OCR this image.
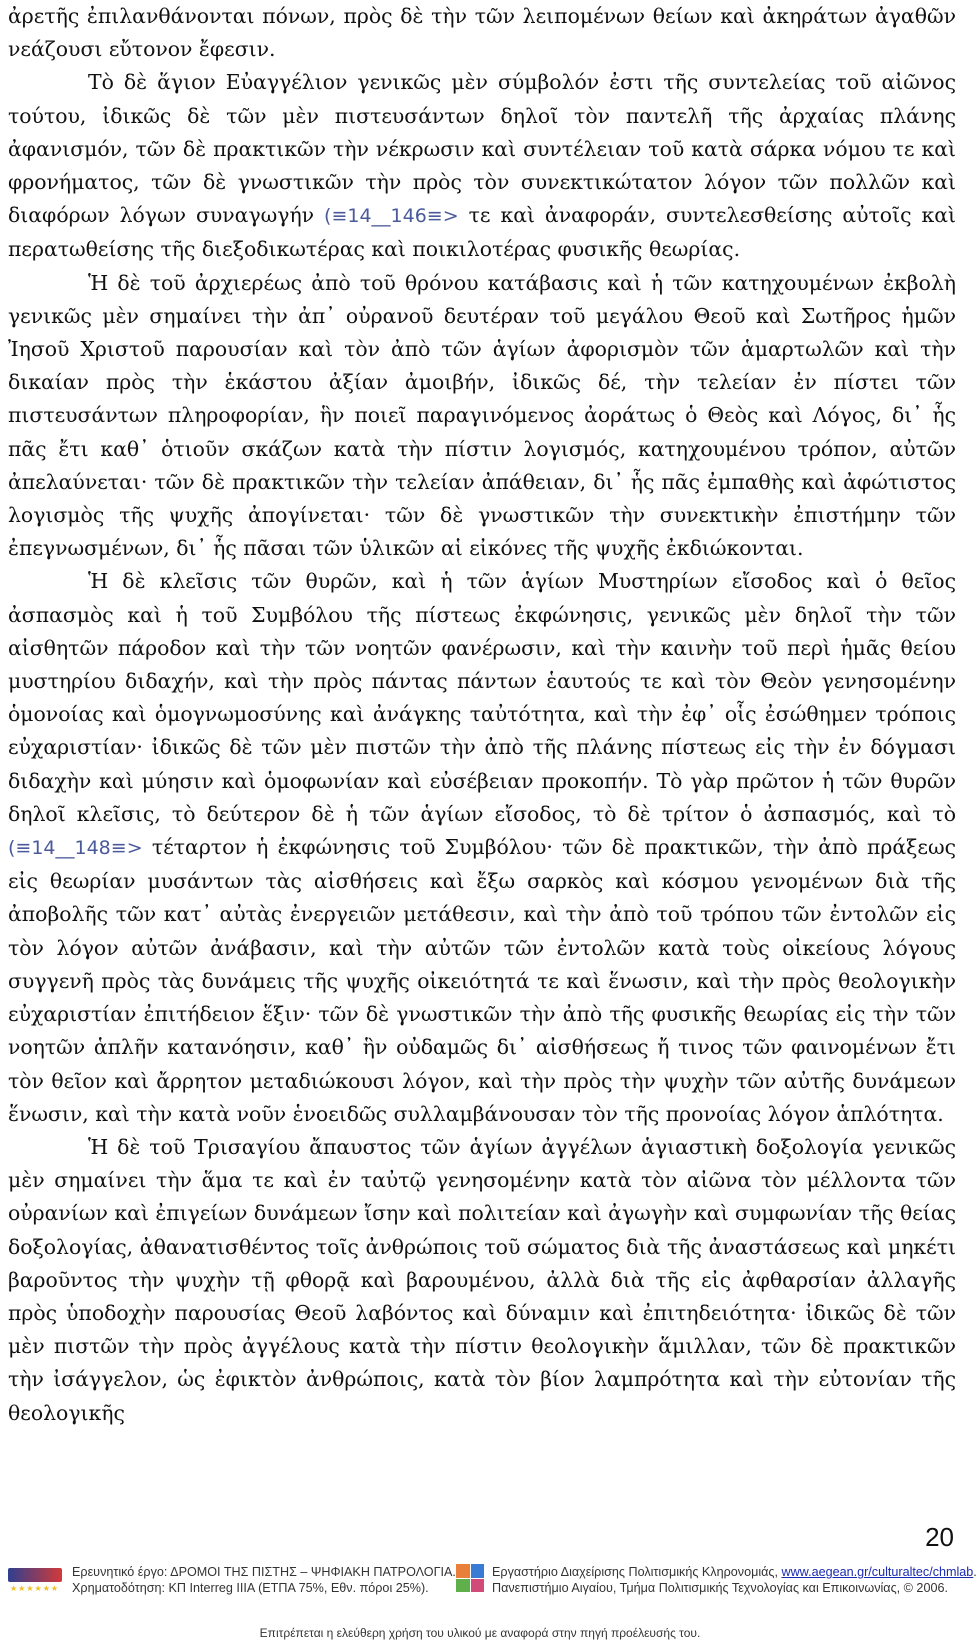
ἀρετῆς ἐπιλανθάνονται πόνων, πρὸς δὲ τὴν τῶν λειπομένων θείων καὶ ἀκηράτων ἀγαθῶν νεάζουσι εὔτονον ἔφεσιν.

Τὸ δὲ ἅγιον Εὐαγγέλιον γενικῶς μὲν σύμβολόν ἐστι τῆς συντελείας τοῦ αἰῶνος τούτου, ἰδικῶς δὲ τῶν μὲν πιστευσάντων δηλοῖ τὸν παντελῆ τῆς ἀρχαίας πλάνης ἀφανισμόν, τῶν δὲ πρακτικῶν τὴν νέκρωσιν καὶ συντέλειαν τοῦ κατὰ σάρκα νόμου τε καὶ φρονήματος, τῶν δὲ γνωστικῶν τὴν πρὸς τὸν συνεκτικώτατον λόγον τῶν πολλῶν καὶ διαφόρων λόγων συναγωγήν (≡14__146≡> τε καὶ ἀναφοράν, συντελεσθείσης αὐτοῖς καὶ περατωθείσης τῆς διεξοδικωτέρας καὶ ποικιλοτέρας φυσικῆς θεωρίας.

Ἡ δὲ τοῦ ἀρχιερέως ἀπὸ τοῦ θρόνου κατάβασις καὶ ἡ τῶν κατηχουμένων ἐκβολὴ γενικῶς μὲν σημαίνει τὴν ἀπ᾽ οὐρανοῦ δευτέραν τοῦ μεγάλου Θεοῦ καὶ Σωτῆρος ἡμῶν Ἰησοῦ Χριστοῦ παρουσίαν καὶ τὸν ἀπὸ τῶν ἁγίων ἀφορισμὸν τῶν ἁμαρτωλῶν καὶ τὴν δικαίαν πρὸς τὴν ἑκάστου ἀξίαν ἀμοιβήν, ἰδικῶς δέ, τὴν τελείαν ἐν πίστει τῶν πιστευσάντων πληροφορίαν, ἣν ποιεῖ παραγινόμενος ἀοράτως ὁ Θεὸς καὶ Λόγος, δι᾽ ἧς πᾶς ἔτι καθ᾽ ὁτιοῦν σκάζων κατὰ τὴν πίστιν λογισμός, κατηχουμένου τρόπον, αὐτῶν ἀπελαύνεται· τῶν δὲ πρακτικῶν τὴν τελείαν ἀπάθειαν, δι᾽ ἧς πᾶς ἐμπαθὴς καὶ ἀφώτιστος λογισμὸς τῆς ψυχῆς ἀπογίνεται· τῶν δὲ γνωστικῶν τὴν συνεκτικὴν ἐπιστήμην τῶν ἐπεγνωσμένων, δι᾽ ἧς πᾶσαι τῶν ὑλικῶν αἱ εἰκόνες τῆς ψυχῆς ἐκδιώκονται.

Ἡ δὲ κλεῖσις τῶν θυρῶν, καὶ ἡ τῶν ἁγίων Μυστηρίων εἴσοδος καὶ ὁ θεῖος ἀσπασμὸς καὶ ἡ τοῦ Συμβόλου τῆς πίστεως ἐκφώνησις, γενικῶς μὲν δηλοῖ τὴν τῶν αἰσθητῶν πάροδον καὶ τὴν τῶν νοητῶν φανέρωσιν, καὶ τὴν καινὴν τοῦ περὶ ἡμᾶς θείου μυστηρίου διδαχήν, καὶ τὴν πρὸς πάντας πάντων ἑαυτούς τε καὶ τὸν Θεὸν γενησομένην ὁμονοίας καὶ ὁμογνωμοσύνης καὶ ἀνάγκης ταὐτότητα, καὶ τὴν ἐφ᾽ οἷς ἐσώθημεν τρόποις εὐχαριστίαν· ἰδικῶς δὲ τῶν μὲν πιστῶν τὴν ἀπὸ τῆς πλάνης πίστεως εἰς τὴν ἐν δόγμασι διδαχὴν καὶ μύησιν καὶ ὁμοφωνίαν καὶ εὐσέβειαν προκοπήν. Τὸ γὰρ πρῶτον ἡ τῶν θυρῶν δηλοῖ κλεῖσις, τὸ δεύτερον δὲ ἡ τῶν ἁγίων εἴσοδος, τὸ δὲ τρίτον ὁ ἀσπασμός, καὶ τὸ (≡14__148≡> τέταρτον ἡ ἐκφώνησις τοῦ Συμβόλου· τῶν δὲ πρακτικῶν, τὴν ἀπὸ πράξεως εἰς θεωρίαν μυσάντων τὰς αἰσθήσεις καὶ ἔξω σαρκὸς καὶ κόσμου γενομένων διὰ τῆς ἀποβολῆς τῶν κατ᾽ αὐτὰς ἐνεργειῶν μετάθεσιν, καὶ τὴν ἀπὸ τοῦ τρόπου τῶν ἐντολῶν εἰς τὸν λόγον αὐτῶν ἀνάβασιν, καὶ τὴν αὐτῶν τῶν ἐντολῶν κατὰ τοὺς οἰκείους λόγους συγγενῆ πρὸς τὰς δυνάμεις τῆς ψυχῆς οἰκειότητά τε καὶ ἕνωσιν, καὶ τὴν πρὸς θεολογικὴν εὐχαριστίαν ἐπιτήδειον ἕξιν· τῶν δὲ γνωστικῶν τὴν ἀπὸ τῆς φυσικῆς θεωρίας εἰς τὴν τῶν νοητῶν ἁπλῆν κατανόησιν, καθ᾽ ἣν οὐδαμῶς δι᾽ αἰσθήσεως ἤ τινος τῶν φαινομένων ἔτι τὸν θεῖον καὶ ἄρρητον μεταδιώκουσι λόγον, καὶ τὴν πρὸς τὴν ψυχὴν τῶν αὐτῆς δυνάμεων ἕνωσιν, καὶ τὴν κατὰ νοῦν ἑνοειδῶς συλλαμβάνουσαν τὸν τῆς προνοίας λόγον ἁπλότητα.

Ἡ δὲ τοῦ Τρισαγίου ἄπαυστος τῶν ἁγίων ἀγγέλων ἁγιαστικὴ δοξολογία γενικῶς μὲν σημαίνει τὴν ἅμα τε καὶ ἐν ταὐτῷ γενησομένην κατὰ τὸν αἰῶνα τὸν μέλλοντα τῶν οὐρανίων καὶ ἐπιγείων δυνάμεων ἴσην καὶ πολιτείαν καὶ ἀγωγὴν καὶ συμφωνίαν τῆς θείας δοξολογίας, ἀθανατισθέντος τοῖς ἀνθρώποις τοῦ σώματος διὰ τῆς ἀναστάσεως καὶ μηκέτι βαροῦντος τὴν ψυχὴν τῇ φθορᾷ καὶ βαρουμένου, ἀλλὰ διὰ τῆς εἰς ἀφθαρσίαν ἀλλαγῆς πρὸς ὑποδοχὴν παρουσίας Θεοῦ λαβόντος καὶ δύναμιν καὶ ἐπιτηδειότητα· ἰδικῶς δὲ τῶν μὲν πιστῶν τὴν πρὸς ἀγγέλους κατὰ τὴν πίστιν θεολογικὴν ἅμιλλαν, τῶν δὲ πρακτικῶν τὴν ἰσάγγελον, ὡς ἐφικτὸν ἀνθρώποις, κατὰ τὸν βίον λαμπρότητα καὶ τὴν εὐτονίαν τῆς θεολογικῆς

20
★★★★★★
Ερευνητικό έργο: ΔΡΟΜΟΙ ΤΗΣ ΠΙΣΤΗΣ – ΨΗΦΙΑΚΗ ΠΑΤΡΟΛΟΓΙΑ.
Χρηματοδότηση: ΚΠ Interreg IIIA (ΕΤΠΑ 75%, Εθν. πόροι 25%).
Εργαστήριο Διαχείρισης Πολιτισμικής Κληρονομιάς, www.aegean.gr/culturaltec/chmlab.
Πανεπιστήμιο Αιγαίου, Τμήμα Πολιτισμικής Τεχνολογίας και Επικοινωνίας, © 2006.
Επιτρέπεται η ελεύθερη χρήση του υλικού με αναφορά στην πηγή προέλευσής του.
